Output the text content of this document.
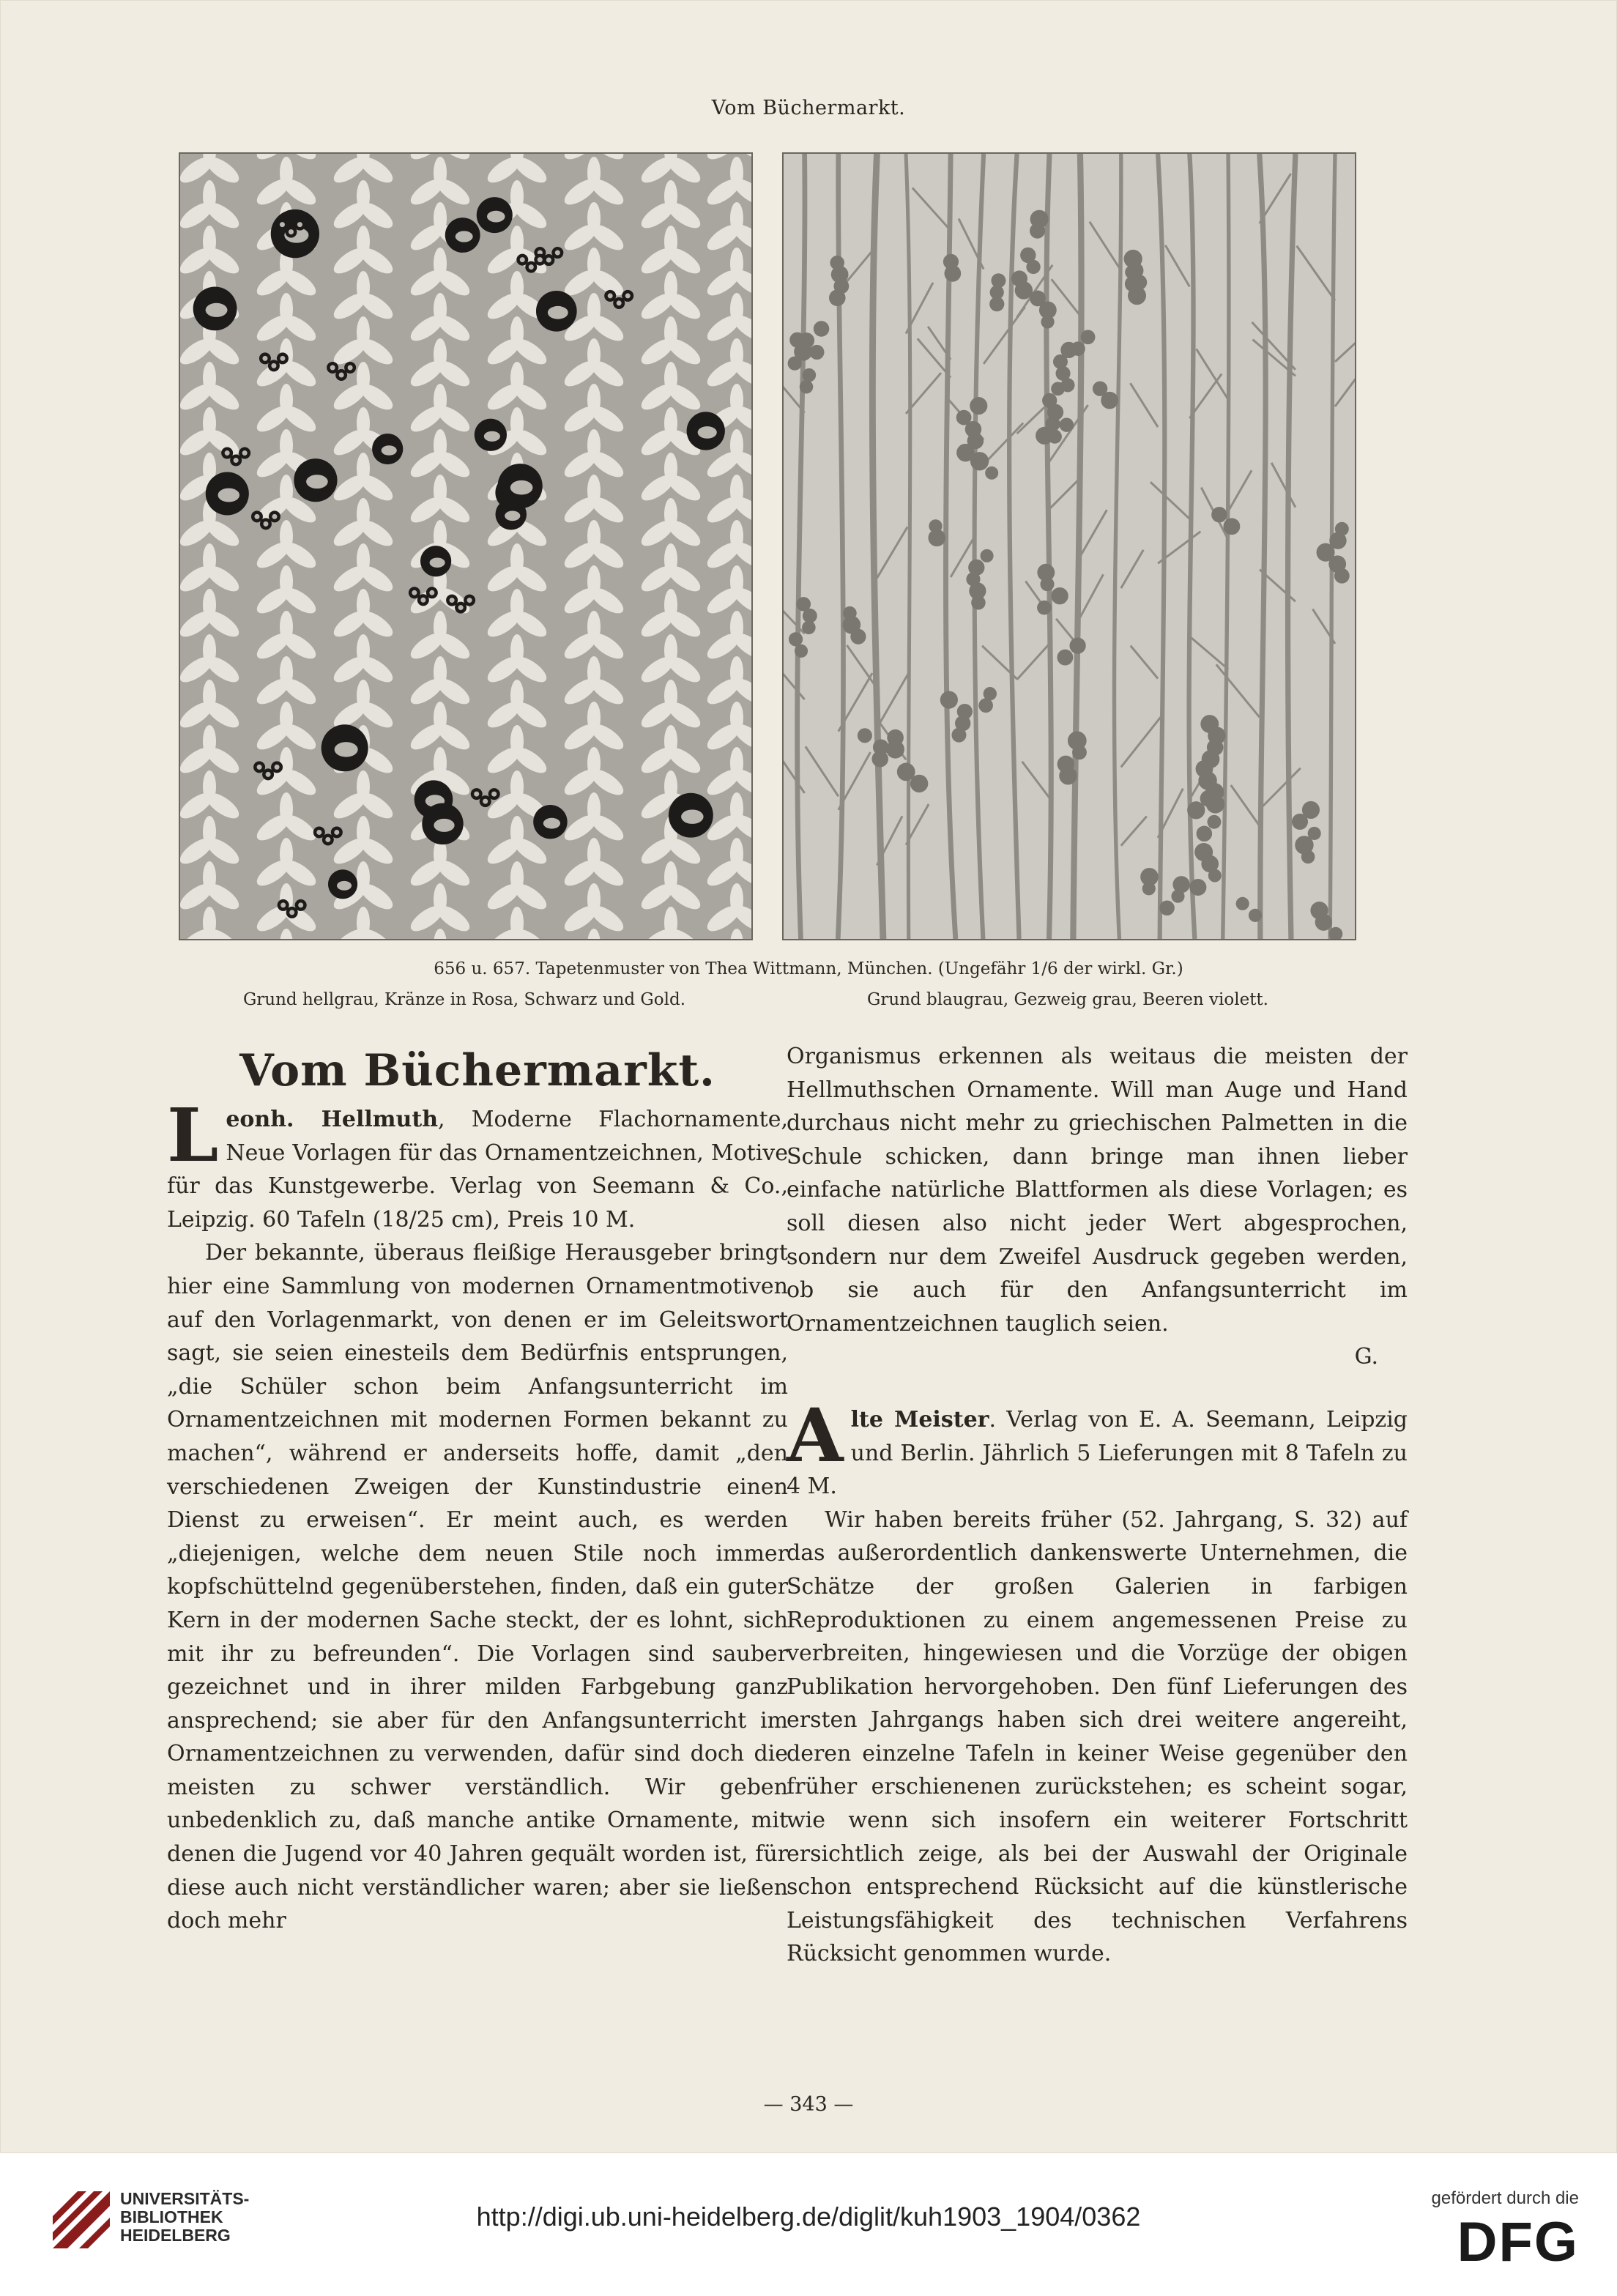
Vom Büchermarkt.
656 u. 657. Tapetenmuster von Thea Wittmann, München. (Ungefähr 1/6 der wirkl. Gr.)
Grund hellgrau, Kränze in Rosa, Schwarz und Gold.	Grund blaugrau, Gezweig grau, Beeren violett.
Vom Büchermarkt.

Leonh. Hellmuth, Moderne Flachornamente, Neue Vorlagen für das Ornamentzeichnen, Motive für das Kunstgewerbe. Verlag von Seemann & Co., Leipzig. 60 Tafeln (18/25 cm), Preis 10 M.

Der bekannte, überaus fleißige Herausgeber bringt hier eine Sammlung von modernen Ornamentmotiven auf den Vorlagenmarkt, von denen er im Geleitswort sagt, sie seien einesteils dem Bedürfnis entsprungen, „die Schüler schon beim Anfangsunterricht im Ornamentzeichnen mit modernen Formen bekannt zu machen“, während er anderseits hoffe, damit „den verschiedenen Zweigen der Kunstindustrie einen Dienst zu erweisen“. Er meint auch, es werden „diejenigen, welche dem neuen Stile noch immer kopfschüttelnd gegenüberstehen, finden, daß ein guter Kern in der modernen Sache steckt, der es lohnt, sich mit ihr zu befreunden“. Die Vorlagen sind sauber gezeichnet und in ihrer milden Farbgebung ganz ansprechend; sie aber für den Anfangsunterricht im Ornamentzeichnen zu verwenden, dafür sind doch die meisten zu schwer verständlich. Wir geben unbedenklich zu, daß manche antike Ornamente, mit denen die Jugend vor 40 Jahren gequält worden ist, für diese auch nicht verständlicher waren; aber sie ließen doch mehr

Organismus erkennen als weitaus die meisten der Hellmuthschen Ornamente. Will man Auge und Hand durchaus nicht mehr zu griechischen Palmetten in die Schule schicken, dann bringe man ihnen lieber einfache natürliche Blattformen als diese Vorlagen; es soll diesen also nicht jeder Wert abgesprochen, sondern nur dem Zweifel Ausdruck gegeben werden, ob sie auch für den Anfangsunterricht im Ornamentzeichnen tauglich seien.

G.

Alte Meister. Verlag von E. A. Seemann, Leipzig und Berlin. Jährlich 5 Lieferungen mit 8 Tafeln zu 4 M.

Wir haben bereits früher (52. Jahrgang, S. 32) auf das außerordentlich dankenswerte Unternehmen, die Schätze der großen Galerien in farbigen Reproduktionen zu einem angemessenen Preise zu verbreiten, hingewiesen und die Vorzüge der obigen Publikation hervorgehoben. Den fünf Lieferungen des ersten Jahrgangs haben sich drei weitere angereiht, deren einzelne Tafeln in keiner Weise gegenüber den früher erschienenen zurückstehen; es scheint sogar, wie wenn sich insofern ein weiterer Fortschritt ersichtlich zeige, als bei der Auswahl der Originale schon entsprechend Rücksicht auf die künstlerische Leistungsfähigkeit des technischen Verfahrens Rücksicht genommen wurde.

— 343 —
UNIVERSITÄTS-
BIBLIOTHEK
HEIDELBERG
http://digi.ub.uni-heidelberg.de/diglit/kuh1903_1904/0362
gefördert durch die
DFG
